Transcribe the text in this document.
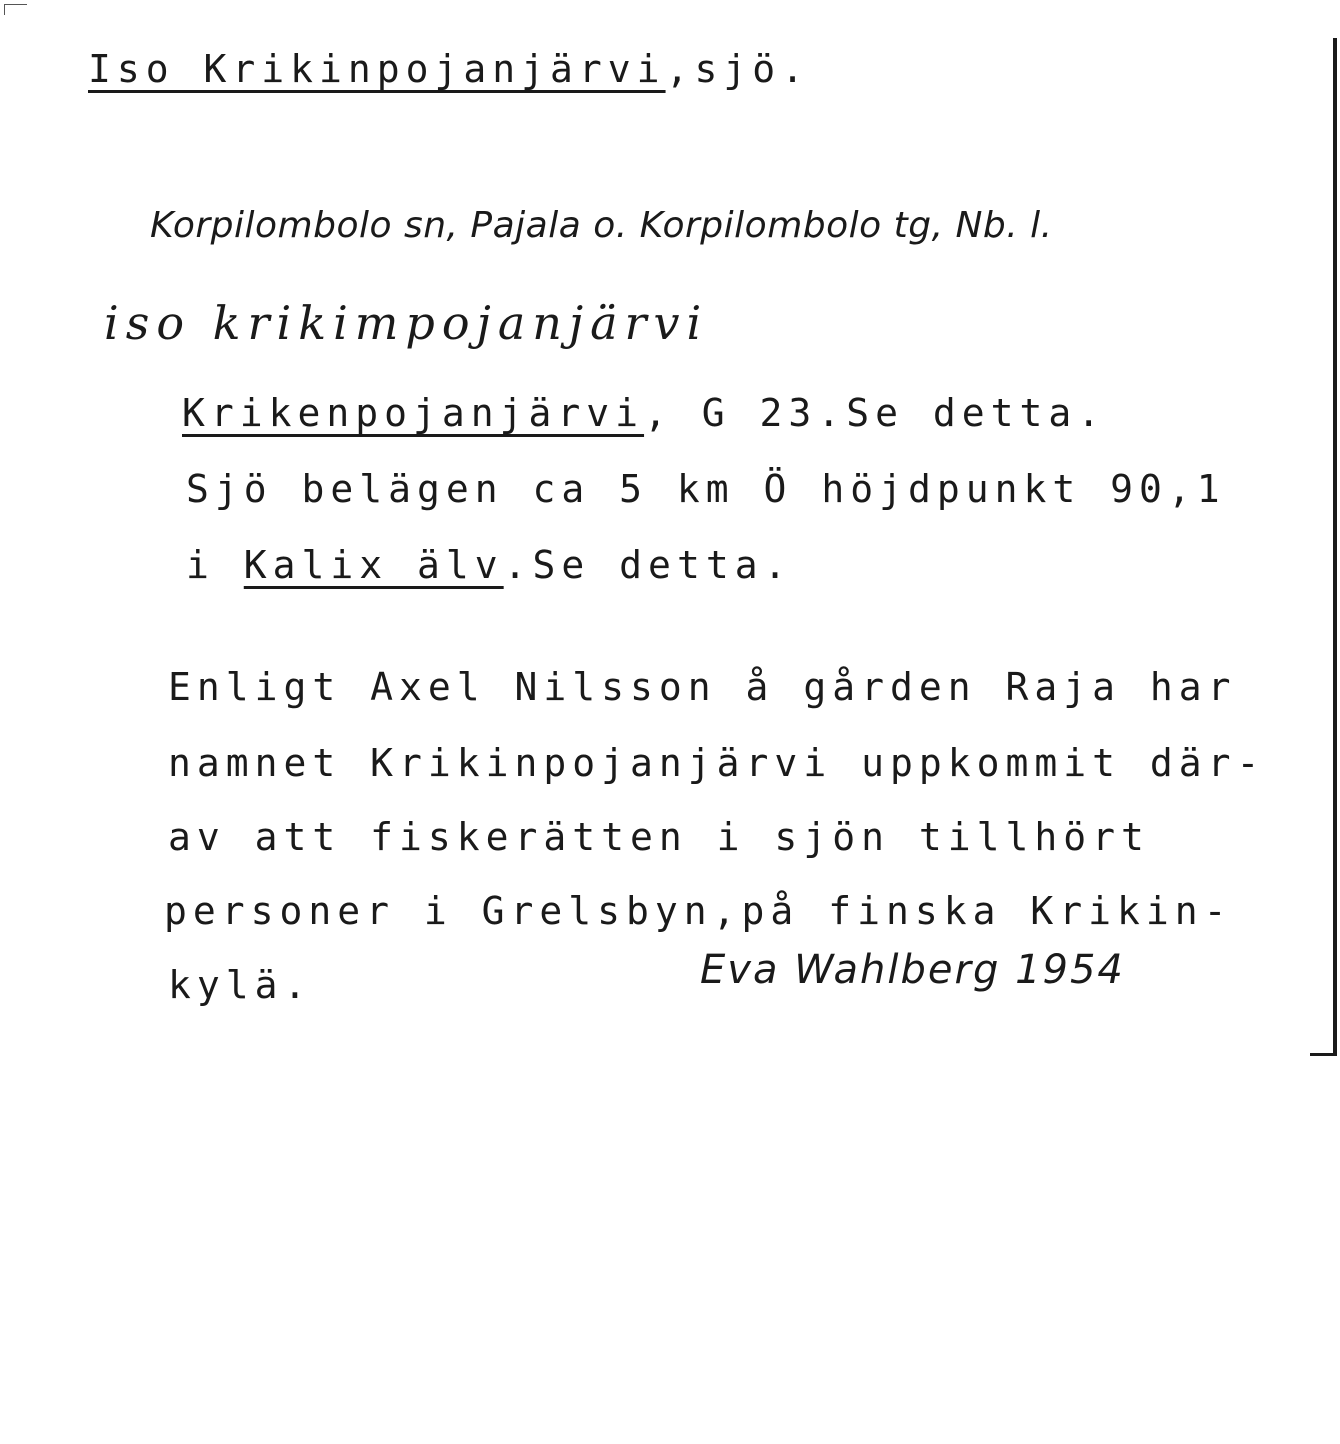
Iso Krikinpojanjärvi,sjö.
Korpilombolo sn, Pajala o. Korpilombolo tg, Nb. l.
iso krikimpojanjärvi
Krikenpojanjärvi, G 23.Se detta.
Sjö belägen ca 5 km Ö höjdpunkt 90,1
i Kalix älv.Se detta.
Enligt Axel Nilsson å gården Raja har
namnet Krikinpojanjärvi uppkommit där-
av att fiskerätten i sjön tillhört
personer i Grelsbyn,på finska Krikin-
kylä.	Eva Wahlberg 1954
